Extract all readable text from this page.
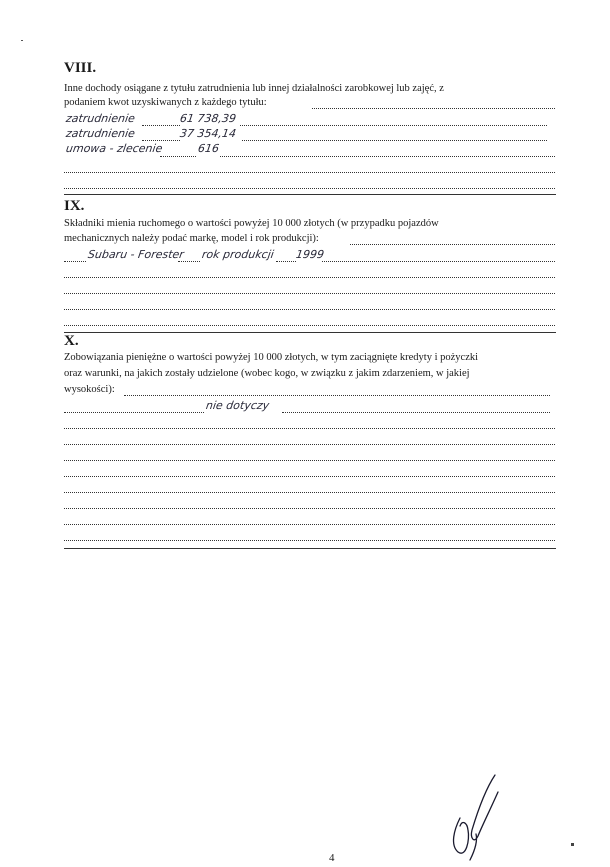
VIII.
Inne dochody osiągane z tytułu zatrudnienia lub innej działalności zarobkowej lub zajęć, z
podaniem kwot uzyskiwanych z każdego tytułu:
zatrudnienie	61 738,39
zatrudnienie	37 354,14
umowa - zlecenie	616
IX.
Składniki mienia ruchomego o wartości powyżej 10 000 złotych (w przypadku pojazdów
mechanicznych należy podać markę, model i rok produkcji):
Subaru - Forester rok produkcji 1999
X.
Zobowiązania pieniężne o wartości powyżej 10 000 złotych, w tym zaciągnięte kredyty i pożyczki
oraz warunki, na jakich zostały udzielone (wobec kogo, w związku z jakim zdarzeniem, w jakiej
wysokości):
nie dotyczy
4
